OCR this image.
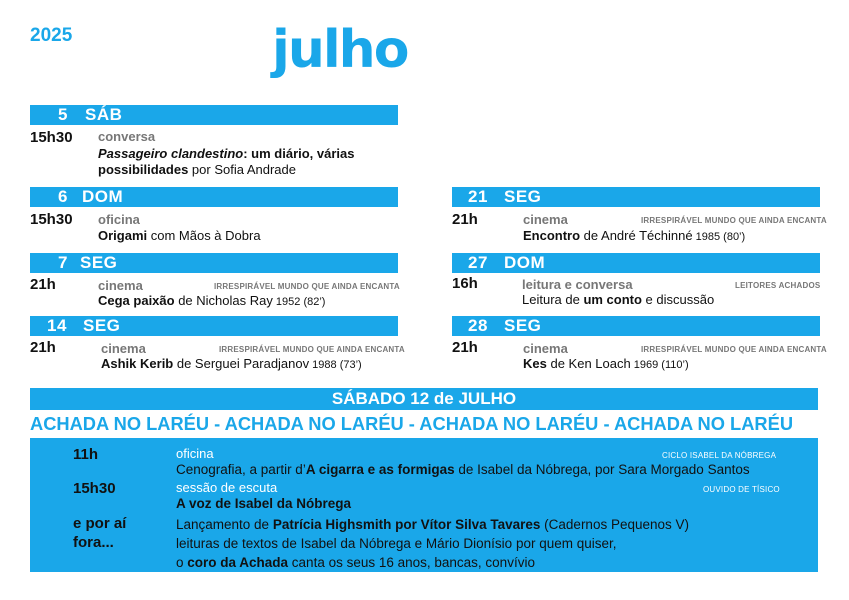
2025	julho
5 SÁB
15h30 conversa
Passageiro clandestino: um diário, várias
possibilidades por Sofia Andrade
6 DOM
15h30 oficina
Origami com Mãos à Dobra
7 SEG
21h	cinema	IRRESPIRÁVEL MUNDO QUE AINDA ENCANTA
Cega paixão de Nicholas Ray 1952 (82’)
14 SEG
21h	cinema	IRRESPIRÁVEL MUNDO QUE AINDA ENCANTA
Ashik Kerib de Serguei Paradjanov 1988 (73’)
21 SEG
21h	cinema	IRRESPIRÁVEL MUNDO QUE AINDA ENCANTA
Encontro de André Téchinné 1985 (80’)
27 DOM
16h	leitura e conversa	LEITORES ACHADOS
Leitura de um conto e discussão
28 SEG
21h	cinema	IRRESPIRÁVEL MUNDO QUE AINDA ENCANTA
Kes de Ken Loach 1969 (110’)
SÁBADO 12 de JULHO
ACHADA NO LARÉU - ACHADA NO LARÉU - ACHADA NO LARÉU - ACHADA NO LARÉU
11h	oficina	CICLO ISABEL DA NÓBREGA
Cenografia, a partir d’A cigarra e as formigas de Isabel da Nóbrega, por Sara Morgado Santos
15h30	sessão de escuta	OUVIDO DE TÍSICO
A voz de Isabel da Nóbrega
e por aí
fora...
Lançamento de Patrícia Highsmith por Vítor Silva Tavares (Cadernos Pequenos V)
leituras de textos de Isabel da Nóbrega e Mário Dionísio por quem quiser,
o coro da Achada canta os seus 16 anos, bancas, convívio
